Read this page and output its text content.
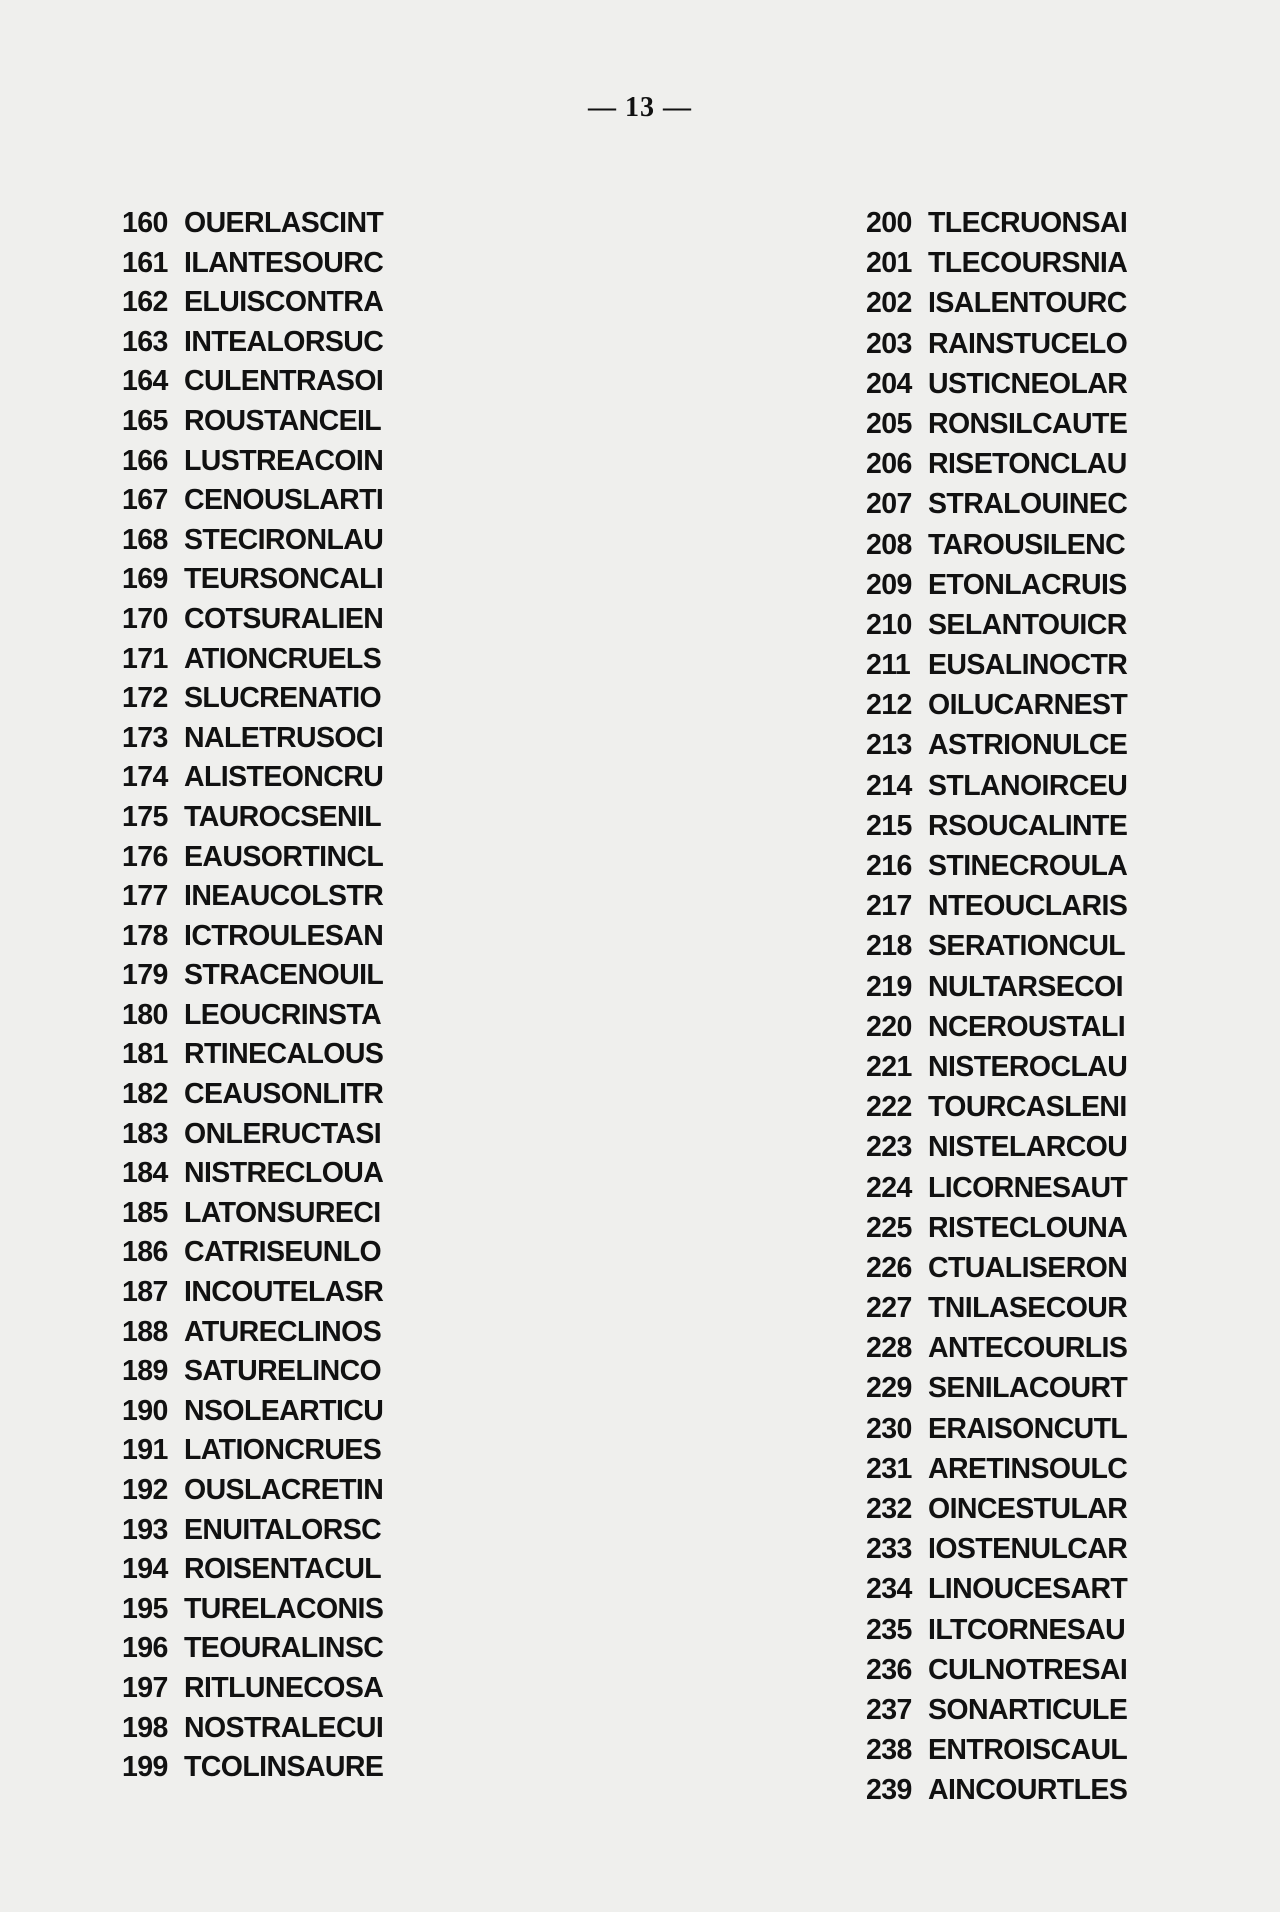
— 13 —
160 OUERLASCINT
161 ILANTESOURC
162 ELUISCONTRA
163 INTEALORSUC
164 CULENTRASOI
165 ROUSTANCEIL
166 LUSTREACOIN
167 CENOUSLARTI
168 STECIRONLAU
169 TEURSONCALI
170 COTSURALIEN
171 ATIONCRUELS
172 SLUCRENATIO
173 NALETRUSOCI
174 ALISTEONCRU
175 TAUROCSENIL
176 EAUSORTINCL
177 INEAUCOLSTR
178 ICTROULESAN
179 STRACENOUIL
180 LEOUCRINSTA
181 RTINECALOUS
182 CEAUSONLITR
183 ONLERUCTASI
184 NISTRECLOUA
185 LATONSURECI
186 CATRISEUNLO
187 INCOUTELASR
188 ATURECLINOS
189 SATURELINCO
190 NSOLEARTICU
191 LATIONCRUES
192 OUSLACRETIN
193 ENUITALORSC
194 ROISENTACUL
195 TURELACONIS
196 TEOURALINSC
197 RITLUNECOSA
198 NOSTRALECUI
199 TCOLINSAURE
200 TLECRUONSAI
201 TLECOURSNIA
202 ISALENTOURC
203 RAINSTUCELO
204 USTICNEOLAR
205 RONSILCAUTE
206 RISETONCLAU
207 STRALOUINEC
208 TAROUSILENC
209 ETONLACRUIS
210 SELANTOUICR
211 EUSALINOCTR
212 OILUCARNEST
213 ASTRIONULCE
214 STLANOIRCEU
215 RSOUCALINTE
216 STINECROULA
217 NTEOUCLARIS
218 SERATIONCUL
219 NULTARSECOI
220 NCEROUSTALI
221 NISTEROCLAU
222 TOURCASLENI
223 NISTELARCOU
224 LICORNESAUT
225 RISTECLOUNA
226 CTUALISERON
227 TNILASECOUR
228 ANTECOURLIS
229 SENILACOURT
230 ERAISONCUTL
231 ARETINSOULC
232 OINCESTULAR
233 IOSTENULCAR
234 LINOUCESART
235 ILTCORNESAU
236 CULNOTRESAI
237 SONARTICULE
238 ENTROISCAUL
239 AINCOURTLES
